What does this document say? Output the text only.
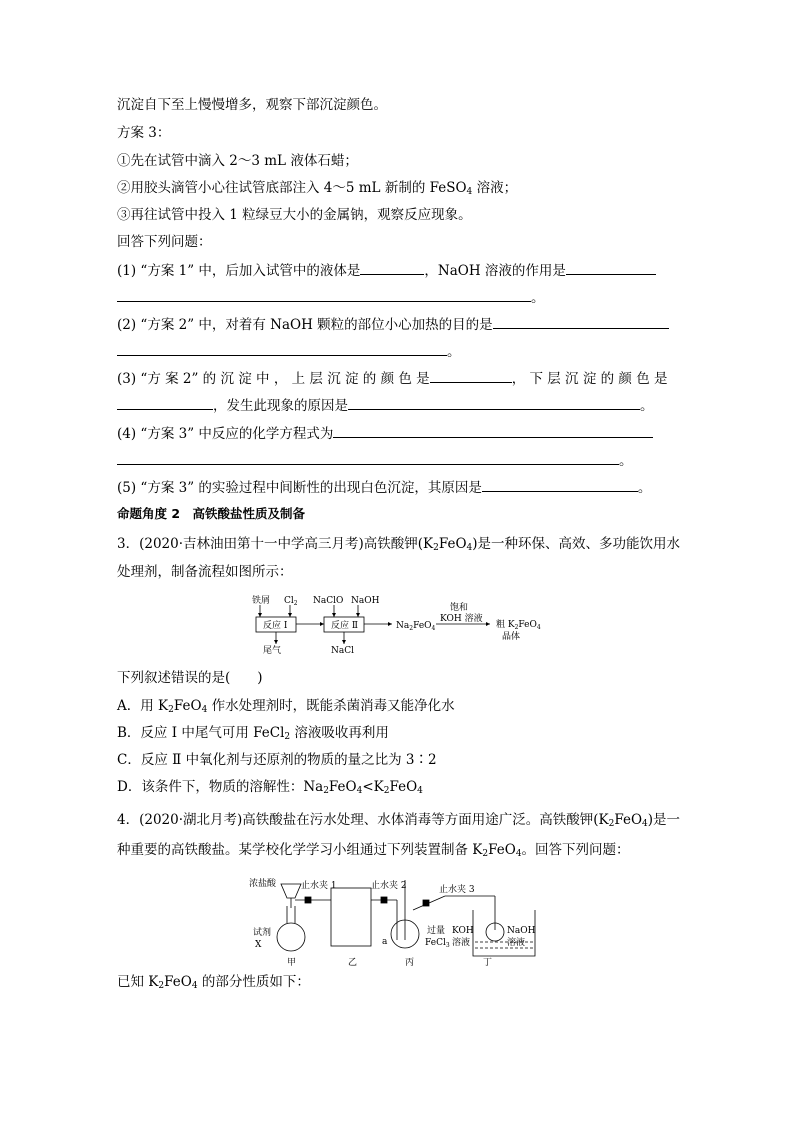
沉淀自下至上慢慢增多，观察下部沉淀颜色。
方案 3：
①先在试管中滴入 2～3 mL 液体石蜡；
②用胶头滴管小心往试管底部注入 4～5 mL 新制的 FeSO$_4$ 溶液；
③再往试管中投入 1 粒绿豆大小的金属钠，观察反应现象。
回答下列问题：
(1) “方案 1” 中，后加入试管中的液体是	，NaOH 溶液的作用是
。
(2) “方案 2” 中，对着有 NaOH 颗粒的部位小心加热的目的是
。
(3) “方 案 2” 的 沉 淀 中 ， 上 层 沉 淀 的 颜 色 是	， 下 层 沉 淀 的 颜 色 是
，发生此现象的原因是	。
(4) “方案 3” 中反应的化学方程式为
。
(5) “方案 3” 的实验过程中间断性的出现白色沉淀，其原因是	。
命题角度 2　高铁酸盐性质及制备
3．(2020·吉林油田第十一中学高三月考)高铁酸钾$(K_2FeO_4)$是一种环保、高效、多功能饮用水
处理剂，制备流程如图所示：
铁屑 $Cl_2$ NaClO NaOH
反应 Ⅰ	反应 Ⅱ
尾气	NaCl
$Na_2FeO_4$
饱和
KOH 溶液
粗 $K_2FeO_4$
晶体
下列叙述错误的是(　　)
A．用 $K_2FeO_4$ 作水处理剂时，既能杀菌消毒又能净化水
B．反应 Ⅰ 中尾气可用 FeCl$_2$ 溶液吸收再利用
C．反应 Ⅱ 中氧化剂与还原剂的物质的量之比为 3∶2
D．该条件下，物质的溶解性：$Na_2FeO_4<K_2FeO_4$
4．(2020·湖北月考)高铁酸盐在污水处理、水体消毒等方面用途广泛。高铁酸钾$(K_2FeO_4)$是一
种重要的高铁酸盐。某学校化学学习小组通过下列装置制备 $K_2FeO_4$。回答下列问题：
浓盐酸	止水夹 1	止水夹 2	止水夹 3
试剂
X	a
过量
FeCl$_3$
KOH
溶液
NaOH
溶液
甲	乙	丙	丁
已知 $K_2FeO_4$ 的部分性质如下：
